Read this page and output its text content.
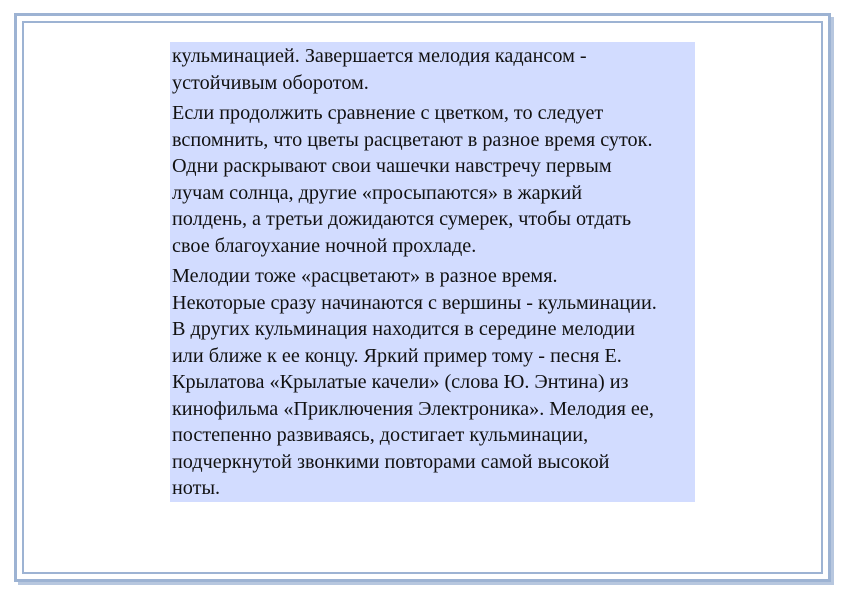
кульминацией. Завершается мелодия кадансом -
устойчивым оборотом.

Если продолжить сравнение с цветком, то следует
вспомнить, что цветы расцветают в разное время суток.
Одни раскрывают свои чашечки навстречу первым
лучам солнца, другие «просыпаются» в жаркий
полдень, а третьи дожидаются сумерек, чтобы отдать
свое благоухание ночной прохладе.

Мелодии тоже «расцветают» в разное время.
Некоторые сразу начинаются с вершины - кульминации.
В других кульминация находится в середине мелодии
или ближе к ее концу. Яркий пример тому - песня Е.
Крылатова «Крылатые качели» (слова Ю. Энтина) из
кинофильма «Приключения Электроника». Мелодия ее,
постепенно развиваясь, достигает кульминации,
подчеркнутой звонкими повторами самой высокой
ноты.
